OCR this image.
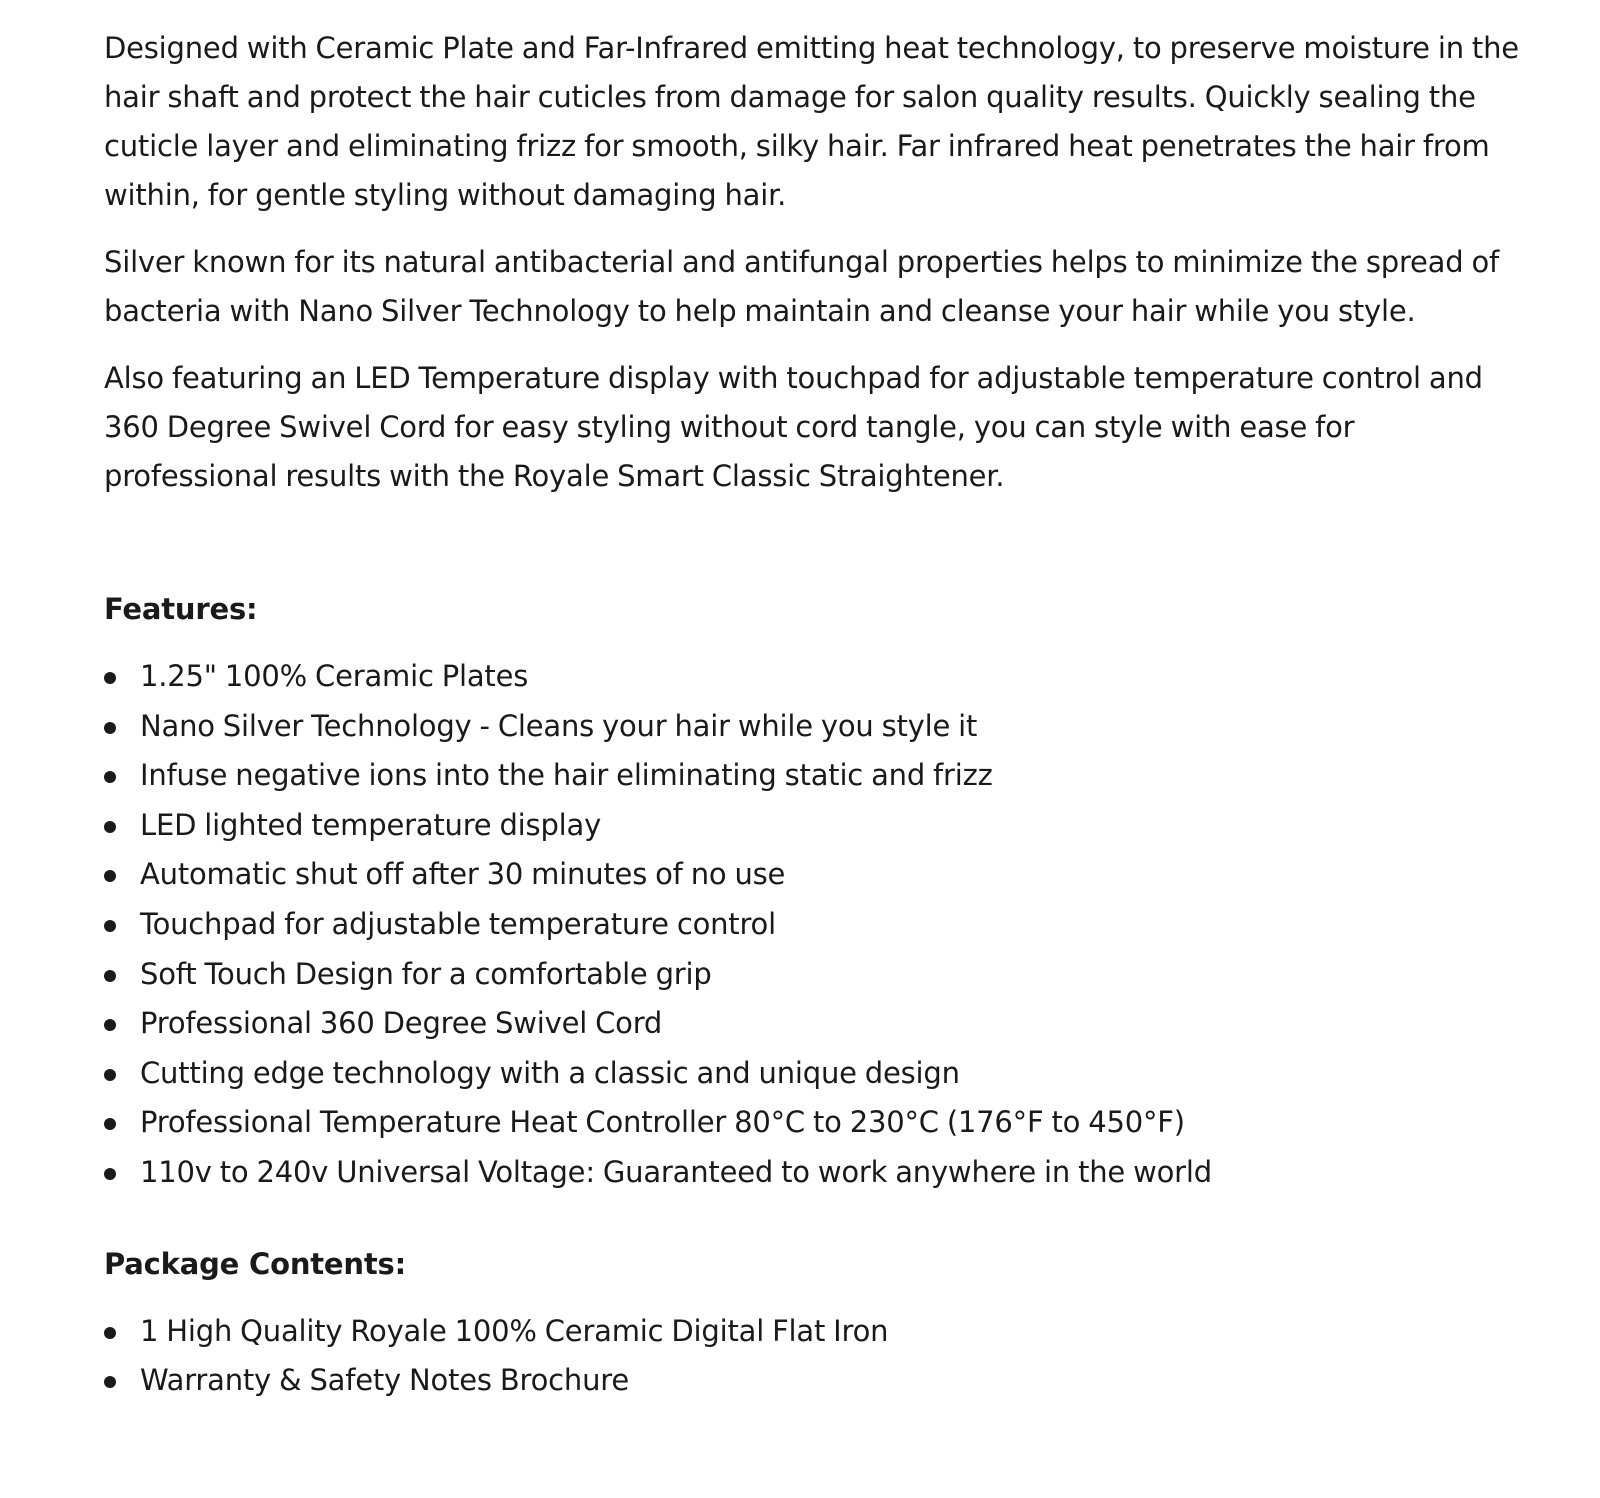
Designed with Ceramic Plate and Far-Infrared emitting heat technology, to preserve moisture in the hair shaft and protect the hair cuticles from damage for salon quality results. Quickly sealing the cuticle layer and eliminating frizz for smooth, silky hair. Far infrared heat penetrates the hair from within, for gentle styling without damaging hair.

Silver known for its natural antibacterial and antifungal properties helps to minimize the spread of bacteria with Nano Silver Technology to help maintain and cleanse your hair while you style.

Also featuring an LED Temperature display with touchpad for adjustable temperature control and 360 Degree Swivel Cord for easy styling without cord tangle, you can style with ease for professional results with the Royale Smart Classic Straightener.

Features:
1.25" 100% Ceramic Plates
Nano Silver Technology - Cleans your hair while you style it
Infuse negative ions into the hair eliminating static and frizz
LED lighted temperature display
Automatic shut off after 30 minutes of no use
Touchpad for adjustable temperature control
Soft Touch Design for a comfortable grip
Professional 360 Degree Swivel Cord
Cutting edge technology with a classic and unique design
Professional Temperature Heat Controller 80°C to 230°C (176°F to 450°F)
110v to 240v Universal Voltage: Guaranteed to work anywhere in the world
Package Contents:
1 High Quality Royale 100% Ceramic Digital Flat Iron
Warranty & Safety Notes Brochure
